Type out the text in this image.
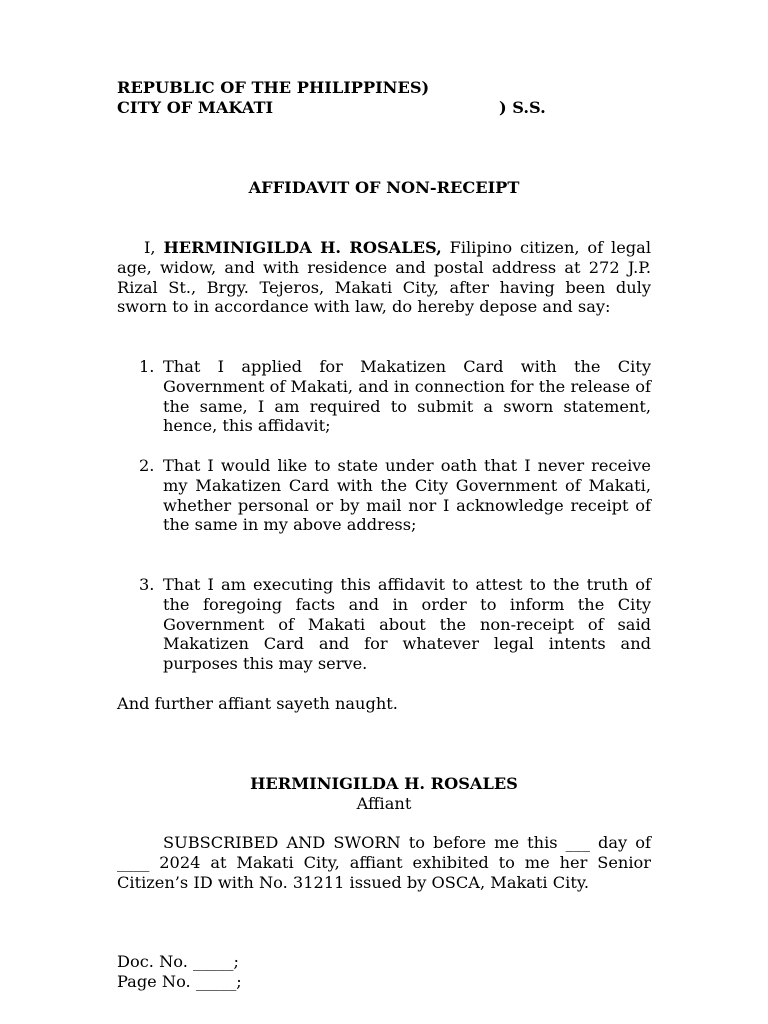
REPUBLIC OF THE PHILIPPINES)
CITY OF MAKATI	) S.S.
AFFIDAVIT OF NON-RECEIPT

I, HERMINIGILDA H. ROSALES, Filipino citizen, of legal age, widow, and with residence and postal address at 272 J.P. Rizal St., Brgy. Tejeros, Makati City, after having been duly sworn to in accordance with law, do hereby depose and say:

1. That I applied for Makatizen Card with the City Government of Makati, and in connection for the release of the same, I am required to submit a sworn statement, hence, this affidavit;
2. That I would like to state under oath that I never receive my Makatizen Card with the City Government of Makati, whether personal or by mail nor I acknowledge receipt of the same in my above address;
3. That I am executing this affidavit to attest to the truth of the foregoing facts and in order to inform the City Government of Makati about the non-receipt of said Makatizen Card and for whatever legal intents and purposes this may serve.
And further affiant sayeth naught.
HERMINIGILDA H. ROSALES
Affiant

SUBSCRIBED AND SWORN to before me this ___ day of ____ 2024 at Makati City, affiant exhibited to me her Senior Citizen’s ID with No. 31211 issued by OSCA, Makati City.

Doc. No. _____;
Page No. _____;
